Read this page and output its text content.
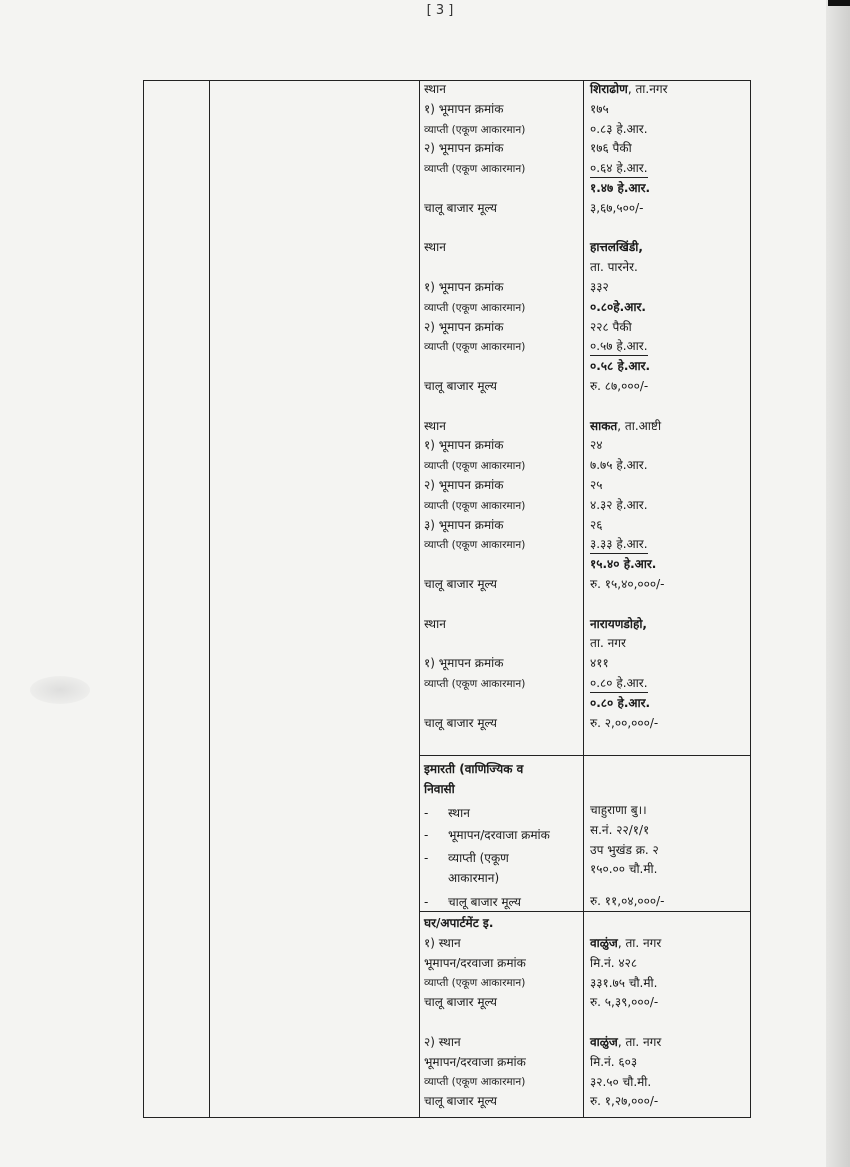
[ 3 ]
स्थान
१) भूमापन क्रमांक
व्याप्ती (एकूण आकारमान)
२) भूमापन क्रमांक
व्याप्ती (एकूण आकारमान)
चालू बाजार मूल्य
स्थान
१) भूमापन क्रमांक
व्याप्ती (एकूण आकारमान)
२) भूमापन क्रमांक
व्याप्ती (एकूण आकारमान)
चालू बाजार मूल्य
स्थान
१) भूमापन क्रमांक
व्याप्ती (एकूण आकारमान)
२) भूमापन क्रमांक
व्याप्ती (एकूण आकारमान)
३) भूमापन क्रमांक
व्याप्ती (एकूण आकारमान)
चालू बाजार मूल्य
स्थान
१) भूमापन क्रमांक
व्याप्ती (एकूण आकारमान)
चालू बाजार मूल्य
शिराढोण, ता.नगर
१७५
०.८३ हे.आर.
१७६ पैकी
०.६४ हे.आर.
१.४७ हे.आर.
३,६७,५००/-
हात्तलखिंडी,
ता. पारनेर.
३३२
०.८०हे.आर.
२२८ पैकी
०.५७ हे.आर.
०.५८ हे.आर.
रु. ८७,०००/-
साकत, ता.आष्टी
२४
७.७५ हे.आर.
२५
४.३२ हे.आर.
२६
३.३३ हे.आर.
१५.४० हे.आर.
रु. १५,४०,०००/-
नारायणडोहो,
ता. नगर
४११
०.८० हे.आर.
०.८० हे.आर.
रु. २,००,०००/-
इमारती (वाणिज्यिक व
निवासी
- स्थान
- भूमापन/दरवाजा क्रमांक
- व्याप्ती (एकूण
आकारमान)
- चालू बाजार मूल्य
चाहुराणा बु।।
स.नं. २२/१/१
उप भुखंड क्र. २
१५०.०० चौ.मी.
रु. ११,०४,०००/-
घर/अपार्टमेंट इ.
१) स्थान
भूमापन/दरवाजा क्रमांक
व्याप्ती (एकूण आकारमान)
चालू बाजार मूल्य
२) स्थान
भूमापन/दरवाजा क्रमांक
व्याप्ती (एकूण आकारमान)
चालू बाजार मूल्य
वाळुंज, ता. नगर
मि.नं. ४२८
३३१.७५ चौ.मी.
रु. ५,३९,०००/-
वाळुंज, ता. नगर
मि.नं. ६०३
३२.५० चौ.मी.
रु. १,२७,०००/-
